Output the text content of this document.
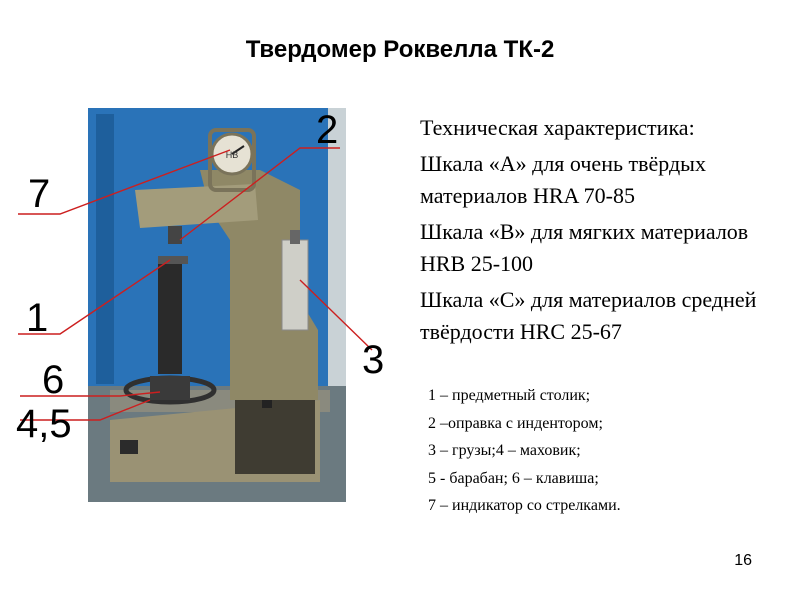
Твердомер Роквелла ТК-2
HB
7
2
1
3
6
4,5

Техническая характеристика:

Шкала «А» для очень твёрдых материалов HRA 70-85

Шкала «В» для мягких материалов HRB 25-100

Шкала «С» для материалов средней твёрдости HRC 25-67

1 – предметный столик;

2 –оправка с индентором;

3 – грузы;4 – маховик;

5 - барабан; 6 – клавиша;

7 – индикатор со стрелками.

16
